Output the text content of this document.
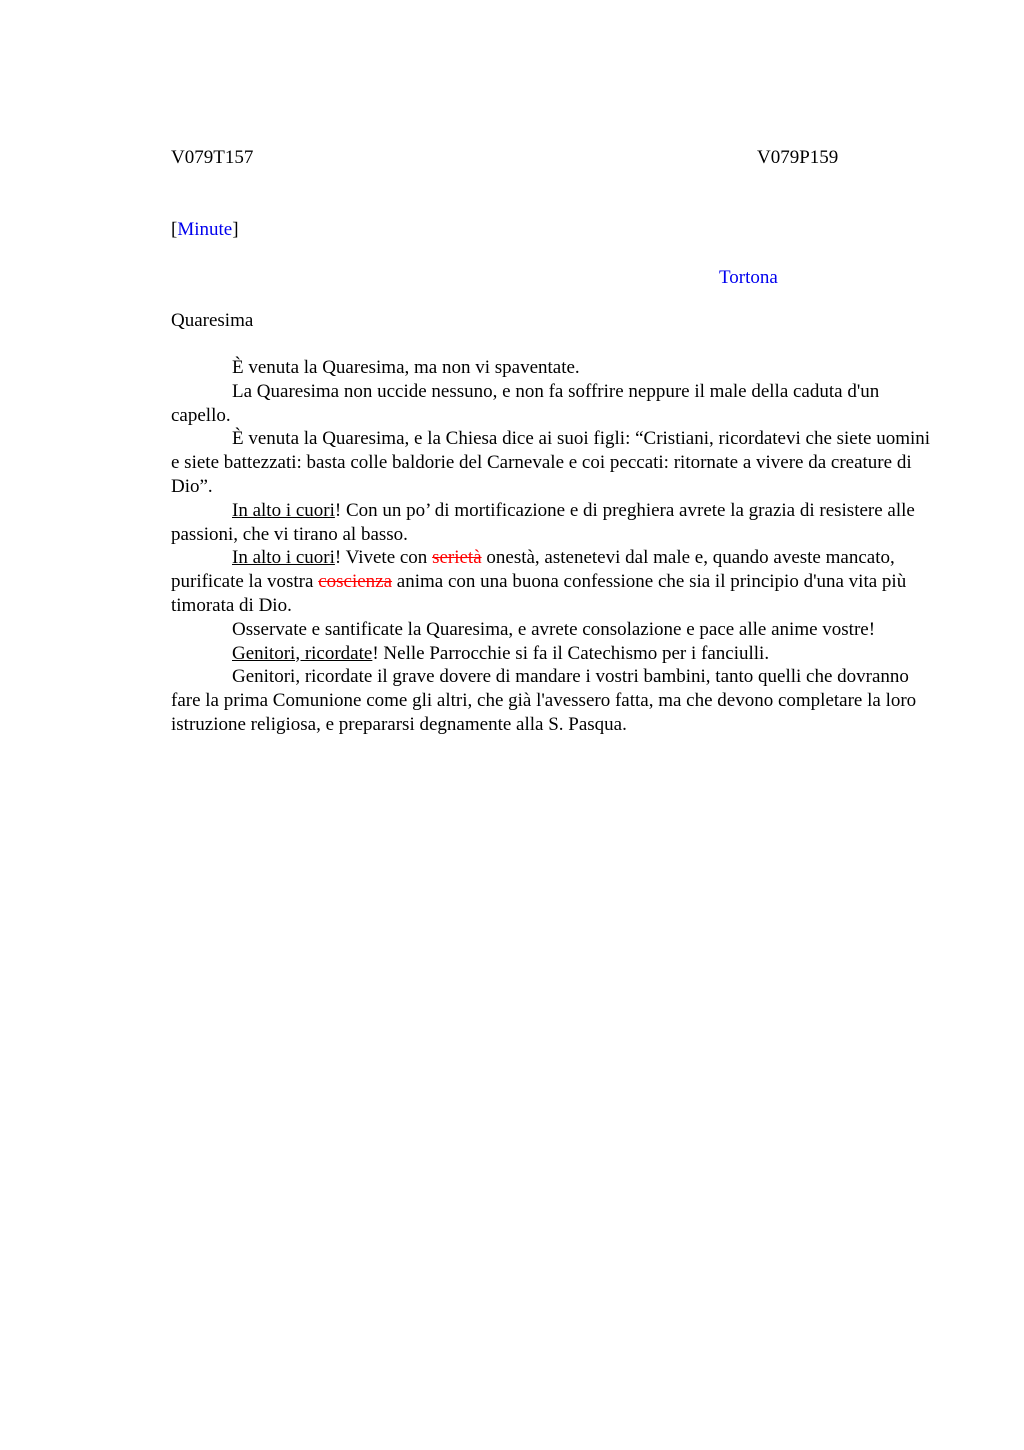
V079T157	V079P159
[Minute]
Tortona
Quaresima

È venuta la Quaresima, ma non vi spaventate.

La Quaresima non uccide nessuno, e non fa soffrire neppure il male della caduta d'un capello.

È venuta la Quaresima, e la Chiesa dice ai suoi figli: “Cristiani, ricordatevi che siete uomini e siete battezzati: basta colle baldorie del Carnevale e coi peccati: ritornate a vivere da creature di Dio”.

In alto i cuori! Con un po’ di mortificazione e di preghiera avrete la grazia di resistere alle passioni, che vi tirano al basso.

In alto i cuori! Vivete con serietà onestà, astenetevi dal male e, quando aveste mancato, purificate la vostra coscienza anima con una buona confessione che sia il principio d'una vita più timorata di Dio.

Osservate e santificate la Quaresima, e avrete consolazione e pace alle anime vostre!

Genitori, ricordate! Nelle Parrocchie si fa il Catechismo per i fanciulli.

Genitori, ricordate il grave dovere di mandare i vostri bambini, tanto quelli che dovranno fare la prima Comunione come gli altri, che già l'avessero fatta, ma che devono completare la loro istruzione religiosa, e prepararsi degnamente alla S. Pasqua.
